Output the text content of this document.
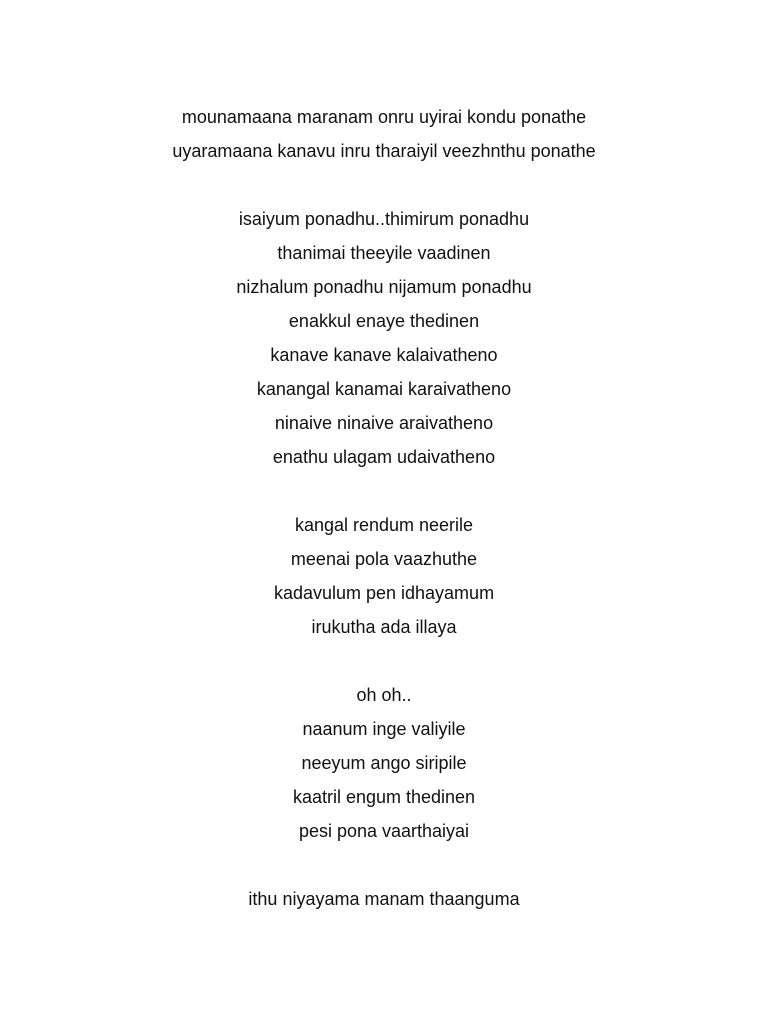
mounamaana maranam onru uyirai kondu ponathe
uyaramaana kanavu inru tharaiyil veezhnthu ponathe
isaiyum ponadhu..thimirum ponadhu
thanimai theeyile vaadinen
nizhalum ponadhu nijamum ponadhu
enakkul enaye thedinen
kanave kanave kalaivatheno
kanangal kanamai karaivatheno
ninaive ninaive araivatheno
enathu ulagam udaivatheno
kangal rendum neerile
meenai pola vaazhuthe
kadavulum pen idhayamum
irukutha ada illaya
oh oh..
naanum inge valiyile
neeyum ango siripile
kaatril engum thedinen
pesi pona vaarthaiyai
ithu niyayama manam thaanguma
